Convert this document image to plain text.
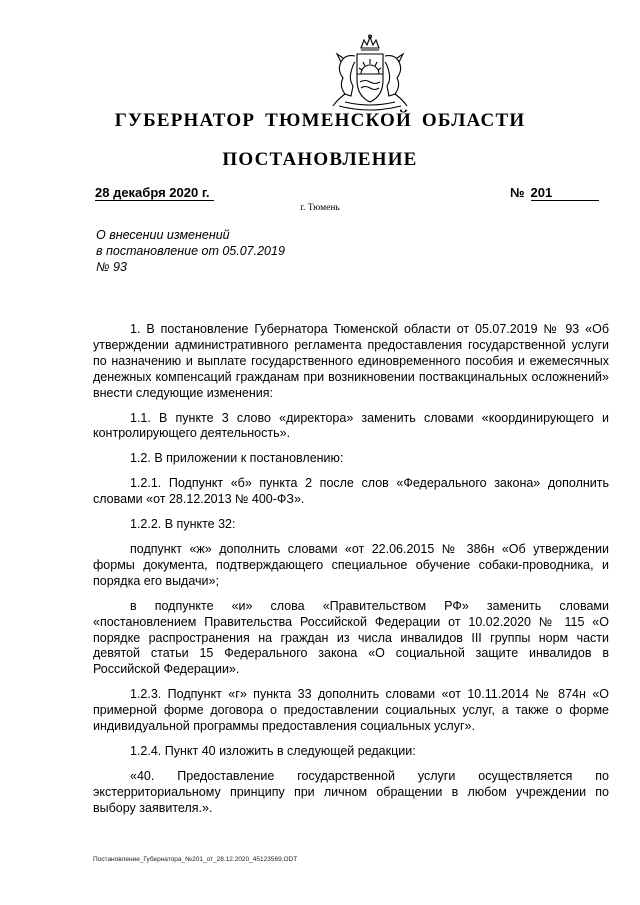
ГУБЕРНАТОР ТЮМЕНСКОЙ ОБЛАСТИ
ПОСТАНОВЛЕНИЕ
28 декабря 2020 г.	№ 201
г. Тюмень
О внесении изменений
в постановление от 05.07.2019
№ 93

1. В постановление Губернатора Тюменской области от 05.07.2019 № 93 «Об утверждении административного регламента предоставления государственной услуги по назначению и выплате государственного единовременного пособия и ежемесячных денежных компенсаций гражданам при возникновении поствакцинальных осложнений» внести следующие изменения:

1.1. В пункте 3 слово «директора» заменить словами «координирующего и контролирующего деятельность».

1.2. В приложении к постановлению:

1.2.1. Подпункт «б» пункта 2 после слов «Федерального закона» дополнить словами «от 28.12.2013 № 400-ФЗ».

1.2.2. В пункте 32:

подпункт «ж» дополнить словами «от 22.06.2015 № 386н «Об утверждении формы документа, подтверждающего специальное обучение собаки-проводника, и порядка его выдачи»;

в подпункте «и» слова «Правительством РФ» заменить словами «постановлением Правительства Российской Федерации от 10.02.2020 № 115 «О порядке распространения на граждан из числа инвалидов III группы норм части девятой статьи 15 Федерального закона «О социальной защите инвалидов в Российской Федерации».

1.2.3. Подпункт «г» пункта 33 дополнить словами «от 10.11.2014 № 874н «О примерной форме договора о предоставлении социальных услуг, а также о форме индивидуальной программы предоставления социальных услуг».

1.2.4. Пункт 40 изложить в следующей редакции:

«40. Предоставление государственной услуги осуществляется по экстерриториальному принципу при личном обращении в любом учреждении по выбору заявителя.».

Постановление_Губернатора_№201_от_28.12.2020_45123569.ODT
